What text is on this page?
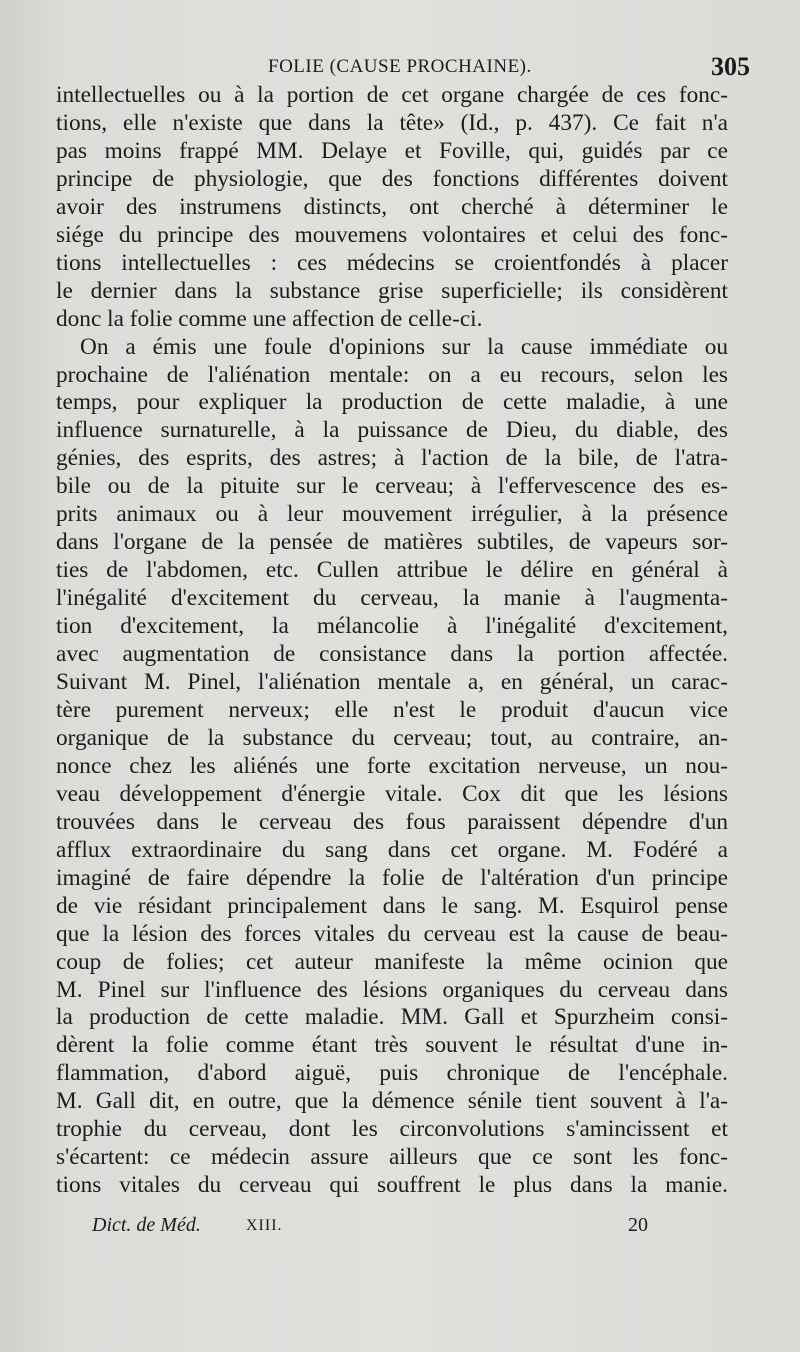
FOLIE (CAUSE PROCHAINE).	305
intellectuelles ou à la portion de cet organe chargée de ces fonc-
tions, elle n'existe que dans la tête» (Id., p. 437). Ce fait n'a
pas moins frappé MM. Delaye et Foville, qui, guidés par ce
principe de physiologie, que des fonctions différentes doivent
avoir des instrumens distincts, ont cherché à déterminer le
siége du principe des mouvemens volontaires et celui des fonc-
tions intellectuelles : ces médecins se croientfondés à placer
le dernier dans la substance grise superficielle; ils considèrent
donc la folie comme une affection de celle-ci.
On a émis une foule d'opinions sur la cause immédiate ou
prochaine de l'aliénation mentale: on a eu recours, selon les
temps, pour expliquer la production de cette maladie, à une
influence surnaturelle, à la puissance de Dieu, du diable, des
génies, des esprits, des astres; à l'action de la bile, de l'atra-
bile ou de la pituite sur le cerveau; à l'effervescence des es-
prits animaux ou à leur mouvement irrégulier, à la présence
dans l'organe de la pensée de matières subtiles, de vapeurs sor-
ties de l'abdomen, etc. Cullen attribue le délire en général à
l'inégalité d'excitement du cerveau, la manie à l'augmenta-
tion d'excitement, la mélancolie à l'inégalité d'excitement,
avec augmentation de consistance dans la portion affectée.
Suivant M. Pinel, l'aliénation mentale a, en général, un carac-
tère purement nerveux; elle n'est le produit d'aucun vice
organique de la substance du cerveau; tout, au contraire, an-
nonce chez les aliénés une forte excitation nerveuse, un nou-
veau développement d'énergie vitale. Cox dit que les lésions
trouvées dans le cerveau des fous paraissent dépendre d'un
afflux extraordinaire du sang dans cet organe. M. Fodéré a
imaginé de faire dépendre la folie de l'altération d'un principe
de vie résidant principalement dans le sang. M. Esquirol pense
que la lésion des forces vitales du cerveau est la cause de beau-
coup de folies; cet auteur manifeste la même ocinion que
M. Pinel sur l'influence des lésions organiques du cerveau dans
la production de cette maladie. MM. Gall et Spurzheim consi-
dèrent la folie comme étant très souvent le résultat d'une in-
flammation, d'abord aiguë, puis chronique de l'encéphale.
M. Gall dit, en outre, que la démence sénile tient souvent à l'a-
trophie du cerveau, dont les circonvolutions s'amincissent et
s'écartent: ce médecin assure ailleurs que ce sont les fonc-
tions vitales du cerveau qui souffrent le plus dans la manie.
Dict. de Méd.	XIII.	20
